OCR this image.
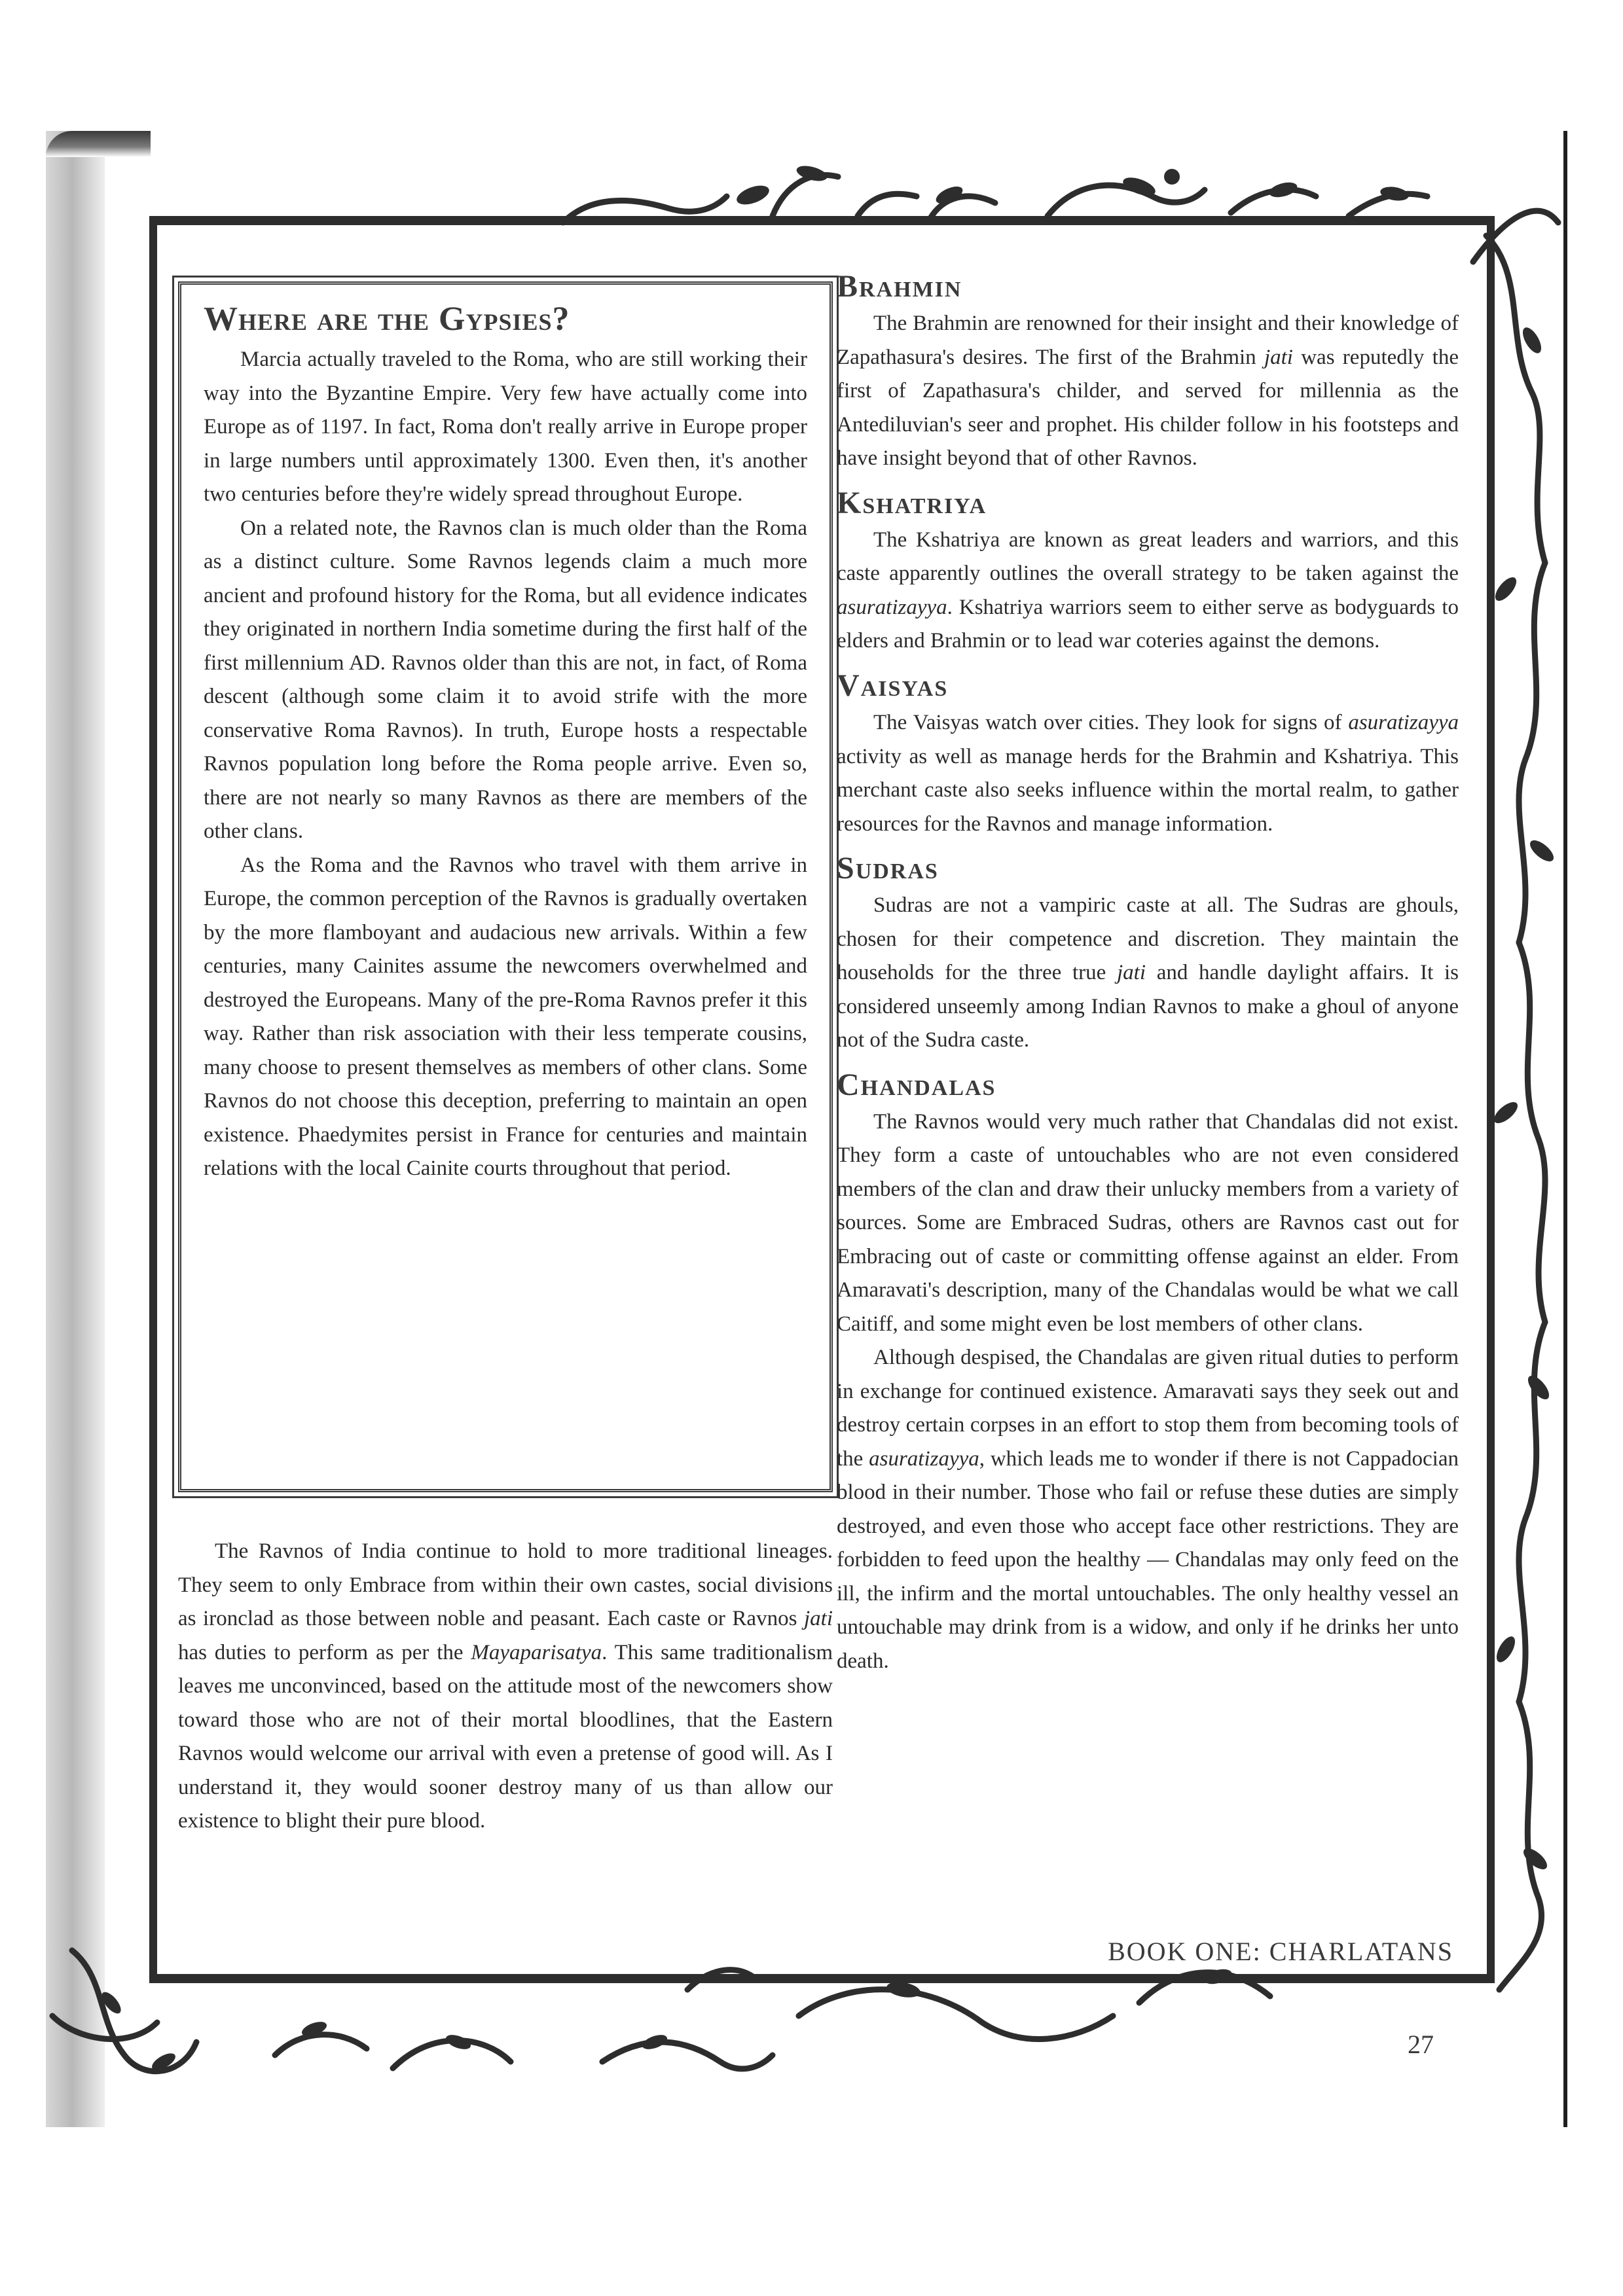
Where are the Gypsies?

Marcia actually traveled to the Roma, who are still working their way into the Byzantine Empire. Very few have actually come into Europe as of 1197. In fact, Roma don't really arrive in Europe proper in large numbers until approximately 1300. Even then, it's another two centuries before they're widely spread throughout Europe.

On a related note, the Ravnos clan is much older than the Roma as a distinct culture. Some Ravnos legends claim a much more ancient and profound history for the Roma, but all evidence indicates they originated in northern India sometime during the first half of the first millennium AD. Ravnos older than this are not, in fact, of Roma descent (although some claim it to avoid strife with the more conservative Roma Ravnos). In truth, Europe hosts a respectable Ravnos population long before the Roma people arrive. Even so, there are not nearly so many Ravnos as there are members of the other clans.

As the Roma and the Ravnos who travel with them arrive in Europe, the common perception of the Ravnos is gradually overtaken by the more flamboyant and audacious new arrivals. Within a few centuries, many Cainites assume the newcomers overwhelmed and destroyed the Europeans. Many of the pre-Roma Ravnos prefer it this way. Rather than risk association with their less temperate cousins, many choose to present themselves as members of other clans. Some Ravnos do not choose this deception, preferring to maintain an open existence. Phaedymites persist in France for centuries and maintain relations with the local Cainite courts throughout that period.

The Ravnos of India continue to hold to more traditional lineages. They seem to only Embrace from within their own castes, social divisions as ironclad as those between noble and peasant. Each caste or Ravnos jati has duties to perform as per the Mayaparisatya. This same traditionalism leaves me unconvinced, based on the attitude most of the newcomers show toward those who are not of their mortal bloodlines, that the Eastern Ravnos would welcome our arrival with even a pretense of good will. As I understand it, they would sooner destroy many of us than allow our existence to blight their pure blood.

Brahmin

The Brahmin are renowned for their insight and their knowledge of Zapathasura's desires. The first of the Brahmin jati was reputedly the first of Zapathasura's childer, and served for millennia as the Antediluvian's seer and prophet. His childer follow in his footsteps and have insight beyond that of other Ravnos.

Kshatriya

The Kshatriya are known as great leaders and warriors, and this caste apparently outlines the overall strategy to be taken against the asuratizayya. Kshatriya warriors seem to either serve as bodyguards to elders and Brahmin or to lead war coteries against the demons.

Vaisyas

The Vaisyas watch over cities. They look for signs of asuratizayya activity as well as manage herds for the Brahmin and Kshatriya. This merchant caste also seeks influence within the mortal realm, to gather resources for the Ravnos and manage information.

Sudras

Sudras are not a vampiric caste at all. The Sudras are ghouls, chosen for their competence and discretion. They maintain the households for the three true jati and handle daylight affairs. It is considered unseemly among Indian Ravnos to make a ghoul of anyone not of the Sudra caste.

Chandalas

The Ravnos would very much rather that Chandalas did not exist. They form a caste of untouchables who are not even considered members of the clan and draw their unlucky members from a variety of sources. Some are Embraced Sudras, others are Ravnos cast out for Embracing out of caste or committing offense against an elder. From Amaravati's description, many of the Chandalas would be what we call Caitiff, and some might even be lost members of other clans.

Although despised, the Chandalas are given ritual duties to perform in exchange for continued existence. Amaravati says they seek out and destroy certain corpses in an effort to stop them from becoming tools of the asuratizayya, which leads me to wonder if there is not Cappadocian blood in their number. Those who fail or refuse these duties are simply destroyed, and even those who accept face other restrictions. They are forbidden to feed upon the healthy — Chandalas may only feed on the ill, the infirm and the mortal untouchables. The only healthy vessel an untouchable may drink from is a widow, and only if he drinks her unto death.

BOOK ONE: CHARLATANS
27
